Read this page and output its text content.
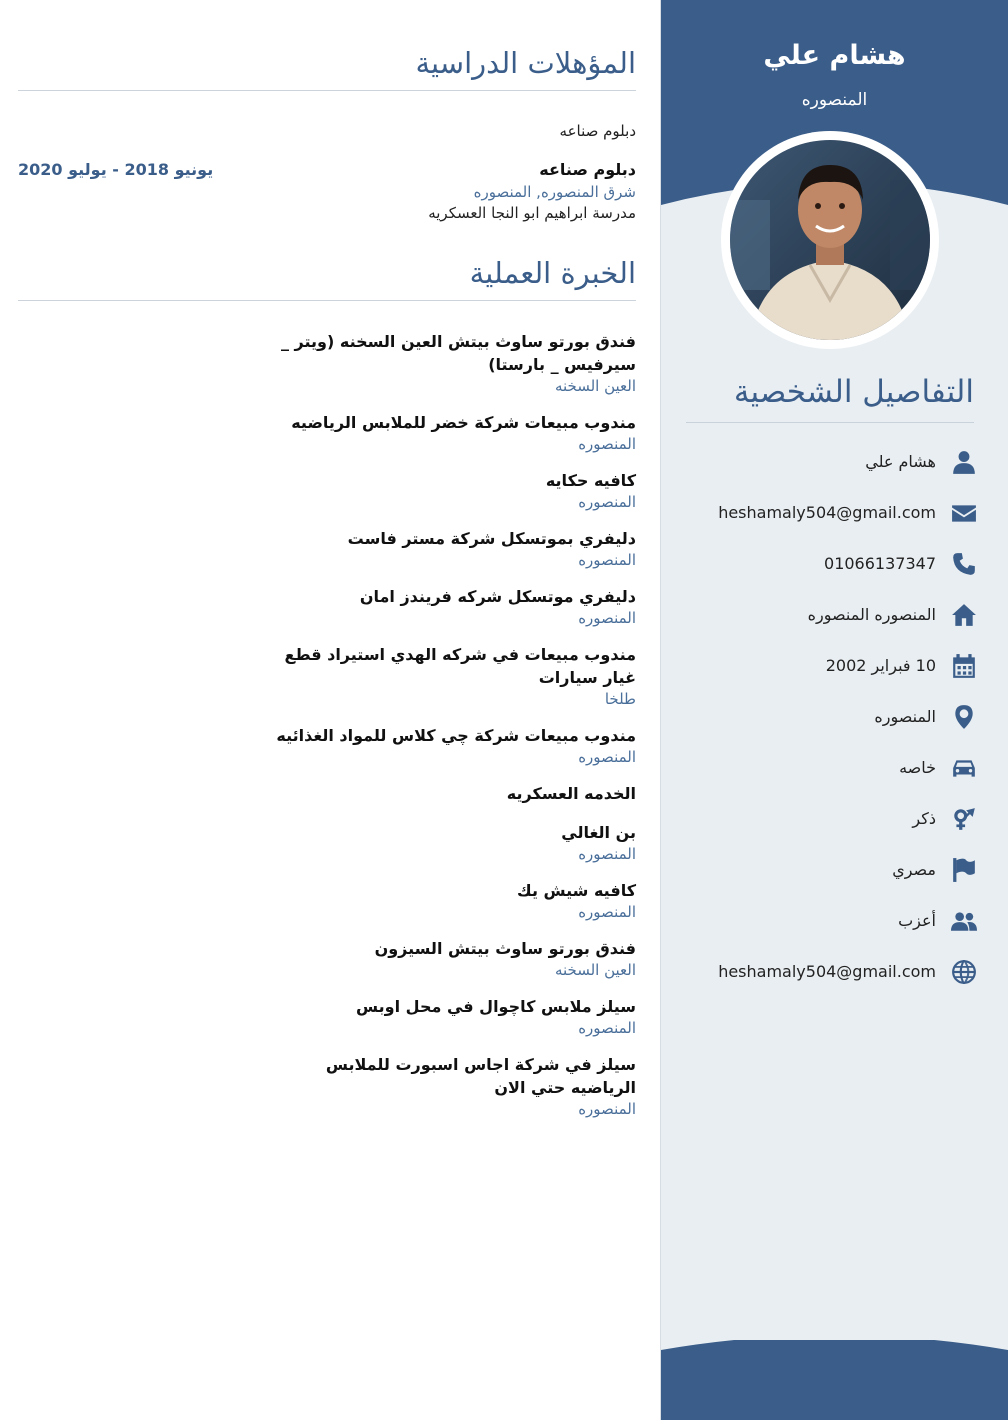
هشام علي
المنصوره
التفاصيل الشخصية
هشام علي
heshamaly504@gmail.com
01066137347
المنصوره المنصوره
10 فبراير 2002
المنصوره
خاصه
ذكر
مصري
أعزب
heshamaly504@gmail.com
المؤهلات الدراسية
دبلوم صناعه
يونيو 2018 - يوليو 2020	دبلوم صناعه
شرق المنصوره, المنصوره
مدرسة ابراهيم ابو النجا العسكريه
الخبرة العملية
فندق بورتو ساوث بيتش العين السخنه (ويتر _ سيرفيس _ بارستا)
العين السخنه
مندوب مبيعات شركة خضر للملابس الرياضيه
المنصوره
كافيه حكايه
المنصوره
دليفري بموتسكل شركة مستر فاست
المنصوره
دليفري موتسكل شركه فريندز امان
المنصوره
مندوب مبيعات في شركه الهدي استيراد قطع غيار سيارات
طلخا
مندوب مبيعات شركة چي كلاس للمواد الغذائيه
المنصوره
الخدمه العسكريه
بن الغالي
المنصوره
كافيه شيش يك
المنصوره
فندق بورتو ساوث بيتش السيزون
العين السخنه
سيلز ملابس كاچوال في محل اوبس
المنصوره
سيلز في شركة اجاس اسبورت للملابس الرياضيه حتي الان
المنصوره
